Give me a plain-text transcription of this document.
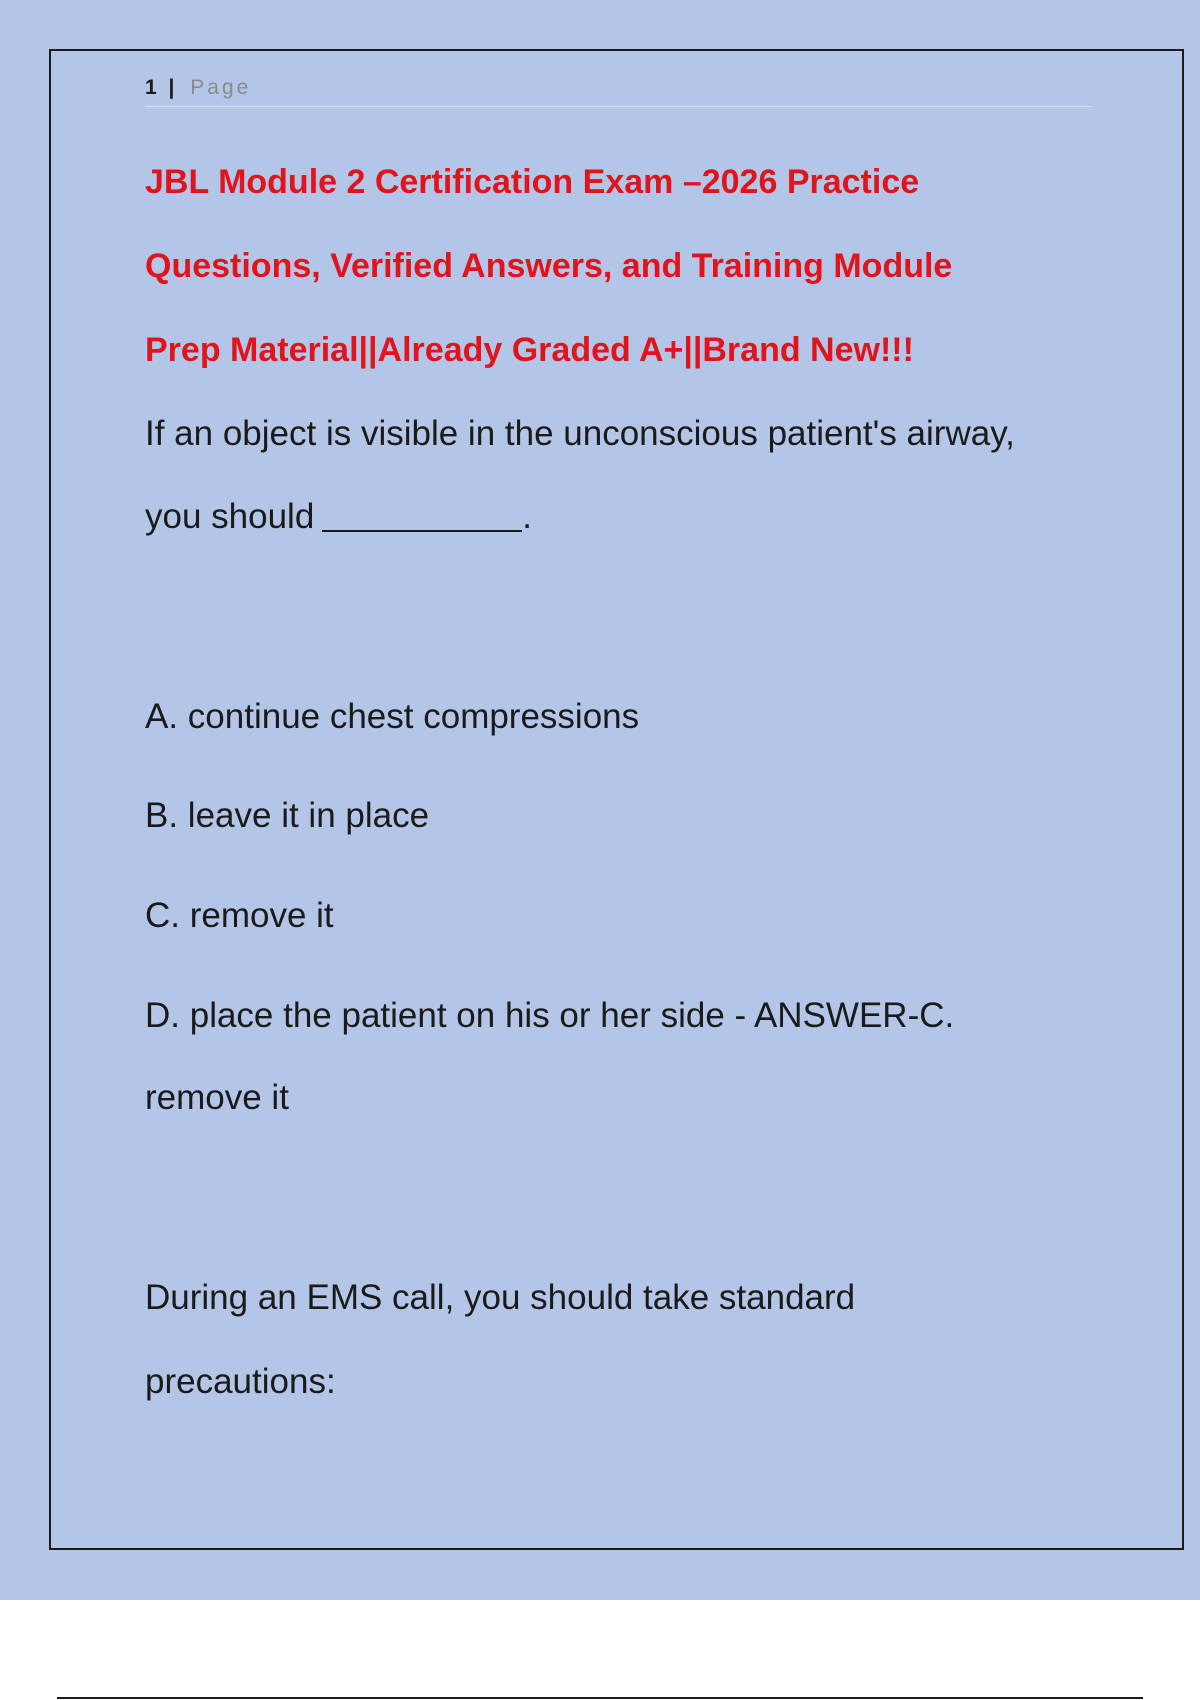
1 | Page
JBL Module 2 Certification Exam –2026 Practice
Questions, Verified Answers, and Training Module
Prep Material||Already Graded A+||Brand New!!!

If an object is visible in the unconscious patient's airway,

you should	.

A. continue chest compressions

B. leave it in place

C. remove it

D. place the patient on his or her side - ANSWER-C.

remove it

During an EMS call, you should take standard

precautions:
